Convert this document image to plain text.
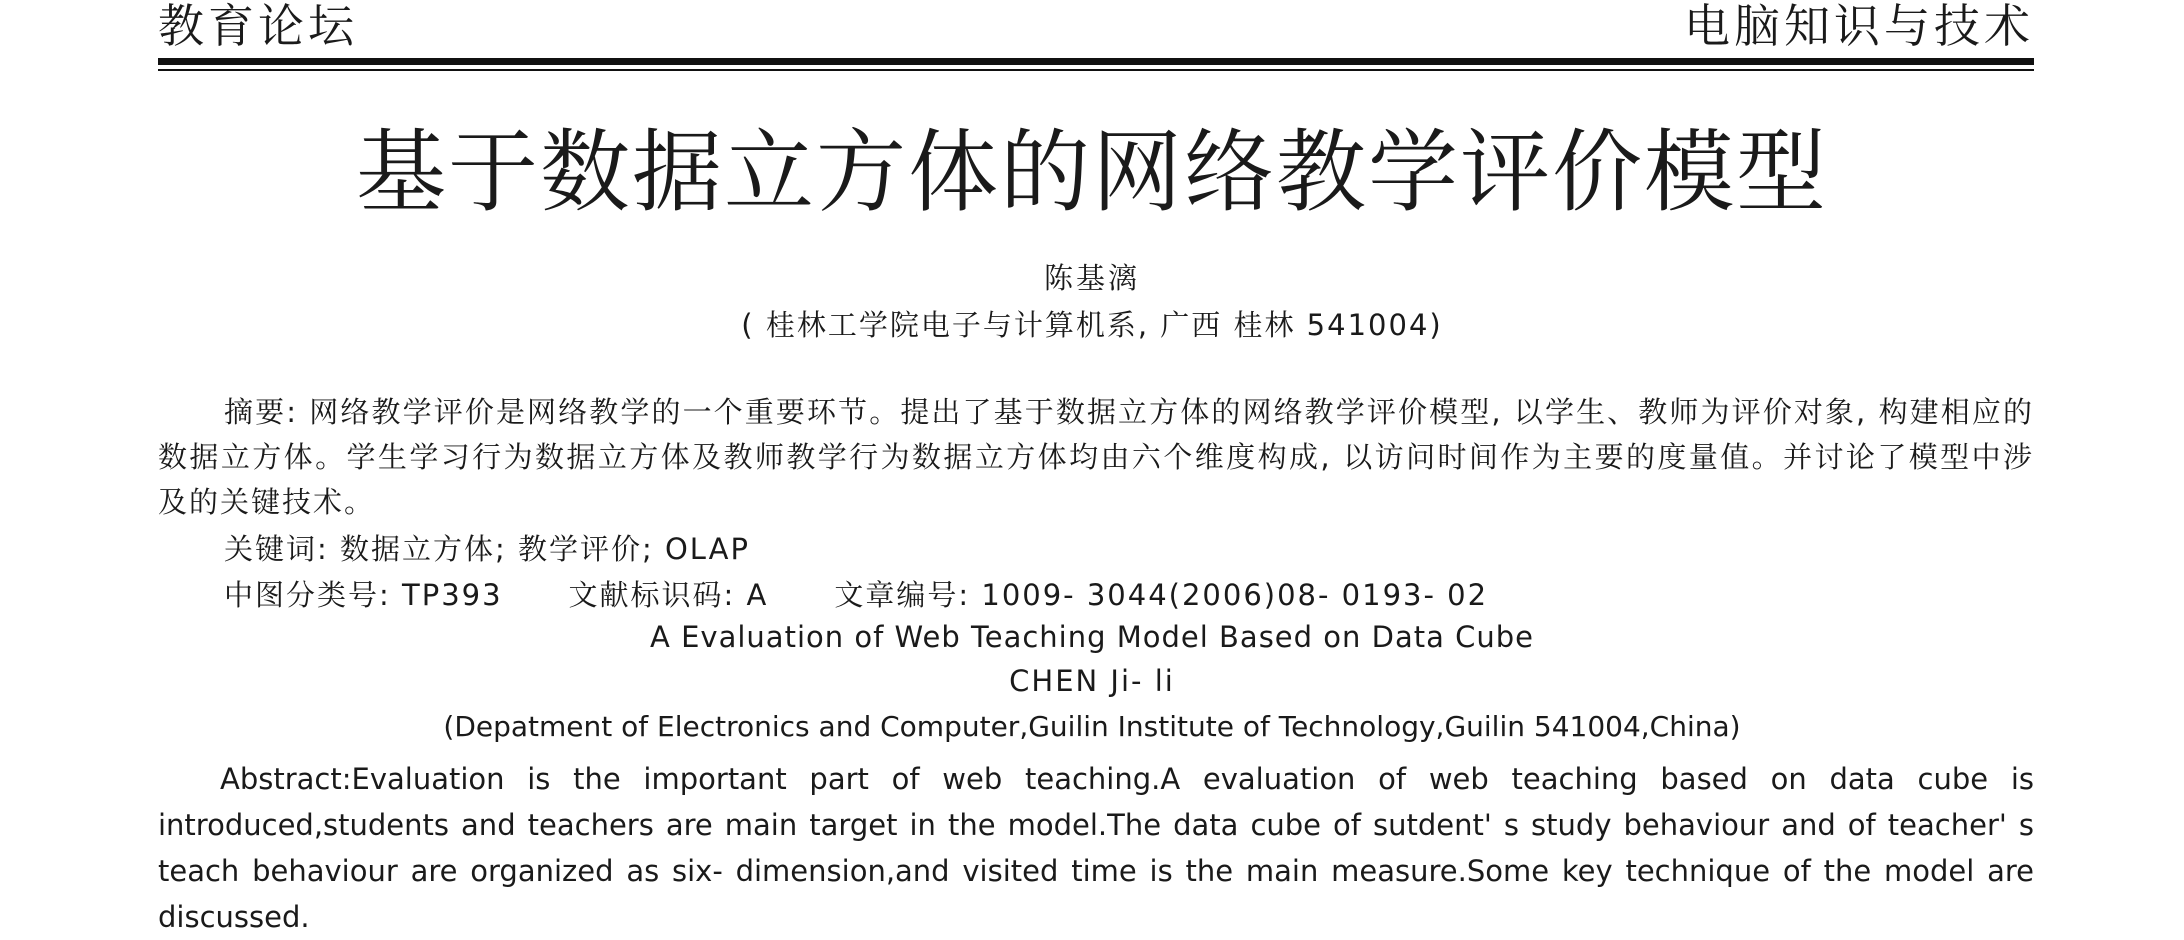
教育论坛	电脑知识与技术
基于数据立方体的网络教学评价模型
陈基漓
( 桂林工学院电子与计算机系, 广西 桂林 541004)

摘要: 网络教学评价是网络教学的一个重要环节。提出了基于数据立方体的网络教学评价模型, 以学生、教师为评价对象, 构建相应的数据立方体。学生学习行为数据立方体及教师教学行为数据立方体均由六个维度构成, 以访问时间作为主要的度量值。并讨论了模型中涉及的关键技术。

关键词: 数据立方体; 教学评价; OLAP
中图分类号: TP393 文献标识码: A 文章编号: 1009- 3044(2006)08- 0193- 02
A Evaluation of Web Teaching Model Based on Data Cube
CHEN Ji- li
(Depatment of Electronics and Computer,Guilin Institute of Technology,Guilin 541004,China)

Abstract:Evaluation is the important part of web teaching.A evaluation of web teaching based on data cube is introduced,students and teachers are main target in the model.The data cube of sutdent' s study behaviour and of teacher' s teach behaviour are organized as six- dimension,and visited time is the main measure.Some key technique of the model are discussed.
